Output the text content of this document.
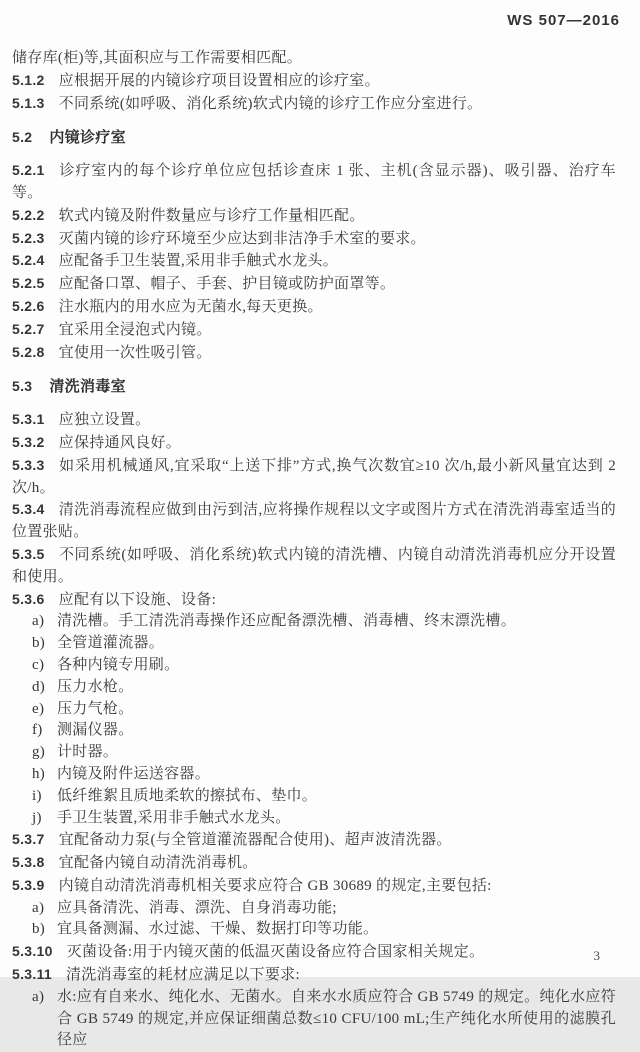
WS 507—2016

储存库(柜)等,其面积应与工作需要相匹配。

5.1.2 应根据开展的内镜诊疗项目设置相应的诊疗室。

5.1.3 不同系统(如呼吸、消化系统)软式内镜的诊疗工作应分室进行。

5.2 内镜诊疗室

5.2.1 诊疗室内的每个诊疗单位应包括诊查床 1 张、主机(含显示器)、吸引器、治疗车等。

5.2.2 软式内镜及附件数量应与诊疗工作量相匹配。

5.2.3 灭菌内镜的诊疗环境至少应达到非洁净手术室的要求。

5.2.4 应配备手卫生装置,采用非手触式水龙头。

5.2.5 应配备口罩、帽子、手套、护目镜或防护面罩等。

5.2.6 注水瓶内的用水应为无菌水,每天更换。

5.2.7 宜采用全浸泡式内镜。

5.2.8 宜使用一次性吸引管。

5.3 清洗消毒室

5.3.1 应独立设置。

5.3.2 应保持通风良好。

5.3.3 如采用机械通风,宜采取“上送下排”方式,换气次数宜≥10 次/h,最小新风量宜达到 2 次/h。

5.3.4 清洗消毒流程应做到由污到洁,应将操作规程以文字或图片方式在清洗消毒室适当的位置张贴。

5.3.5 不同系统(如呼吸、消化系统)软式内镜的清洗槽、内镜自动清洗消毒机应分开设置和使用。

5.3.6 应配有以下设施、设备:

a) 清洗槽。手工清洗消毒操作还应配备漂洗槽、消毒槽、终末漂洗槽。

b) 全管道灌流器。

c) 各种内镜专用刷。

d) 压力水枪。

e) 压力气枪。

f) 测漏仪器。

g) 计时器。

h) 内镜及附件运送容器。

i) 低纤维絮且质地柔软的擦拭布、垫巾。

j) 手卫生装置,采用非手触式水龙头。

5.3.7 宜配备动力泵(与全管道灌流器配合使用)、超声波清洗器。

5.3.8 宜配备内镜自动清洗消毒机。

5.3.9 内镜自动清洗消毒机相关要求应符合 GB 30689 的规定,主要包括:

a) 应具备清洗、消毒、漂洗、自身消毒功能;

b) 宜具备测漏、水过滤、干燥、数据打印等功能。

5.3.10 灭菌设备:用于内镜灭菌的低温灭菌设备应符合国家相关规定。

5.3.11 清洗消毒室的耗材应满足以下要求:

a) 水:应有自来水、纯化水、无菌水。自来水水质应符合 GB 5749 的规定。纯化水应符合 GB 5749 的规定,并应保证细菌总数≤10 CFU/100 mL;生产纯化水所使用的滤膜孔径应

3
